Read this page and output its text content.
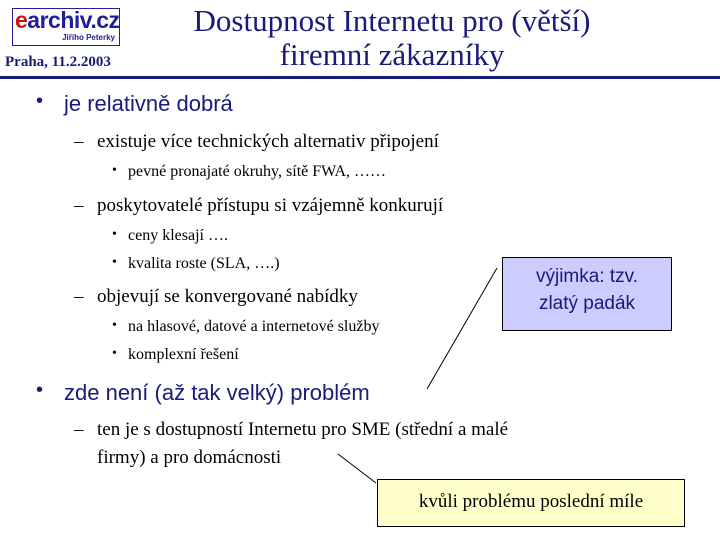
earchiv.cz
Jiřího Peterky
Praha, 11.2.2003
Dostupnost Internetu pro (větší)
firemní zákazníky
• je relativně dobrá
– existuje více technických alternativ připojení
• pevné pronajaté okruhy, sítě FWA, ……
– poskytovatelé přístupu si vzájemně konkurují
• ceny klesají ….
• kvalita roste (SLA, ….)
– objevují se konvergované nabídky
• na hlasové, datové a internetové služby
• komplexní řešení
• zde není (až tak velký) problém
– ten je s dostupností Internetu pro SME (střední a malé
firmy) a pro domácnosti
výjimka: tzv.
zlatý padák
kvůli problému poslední míle
